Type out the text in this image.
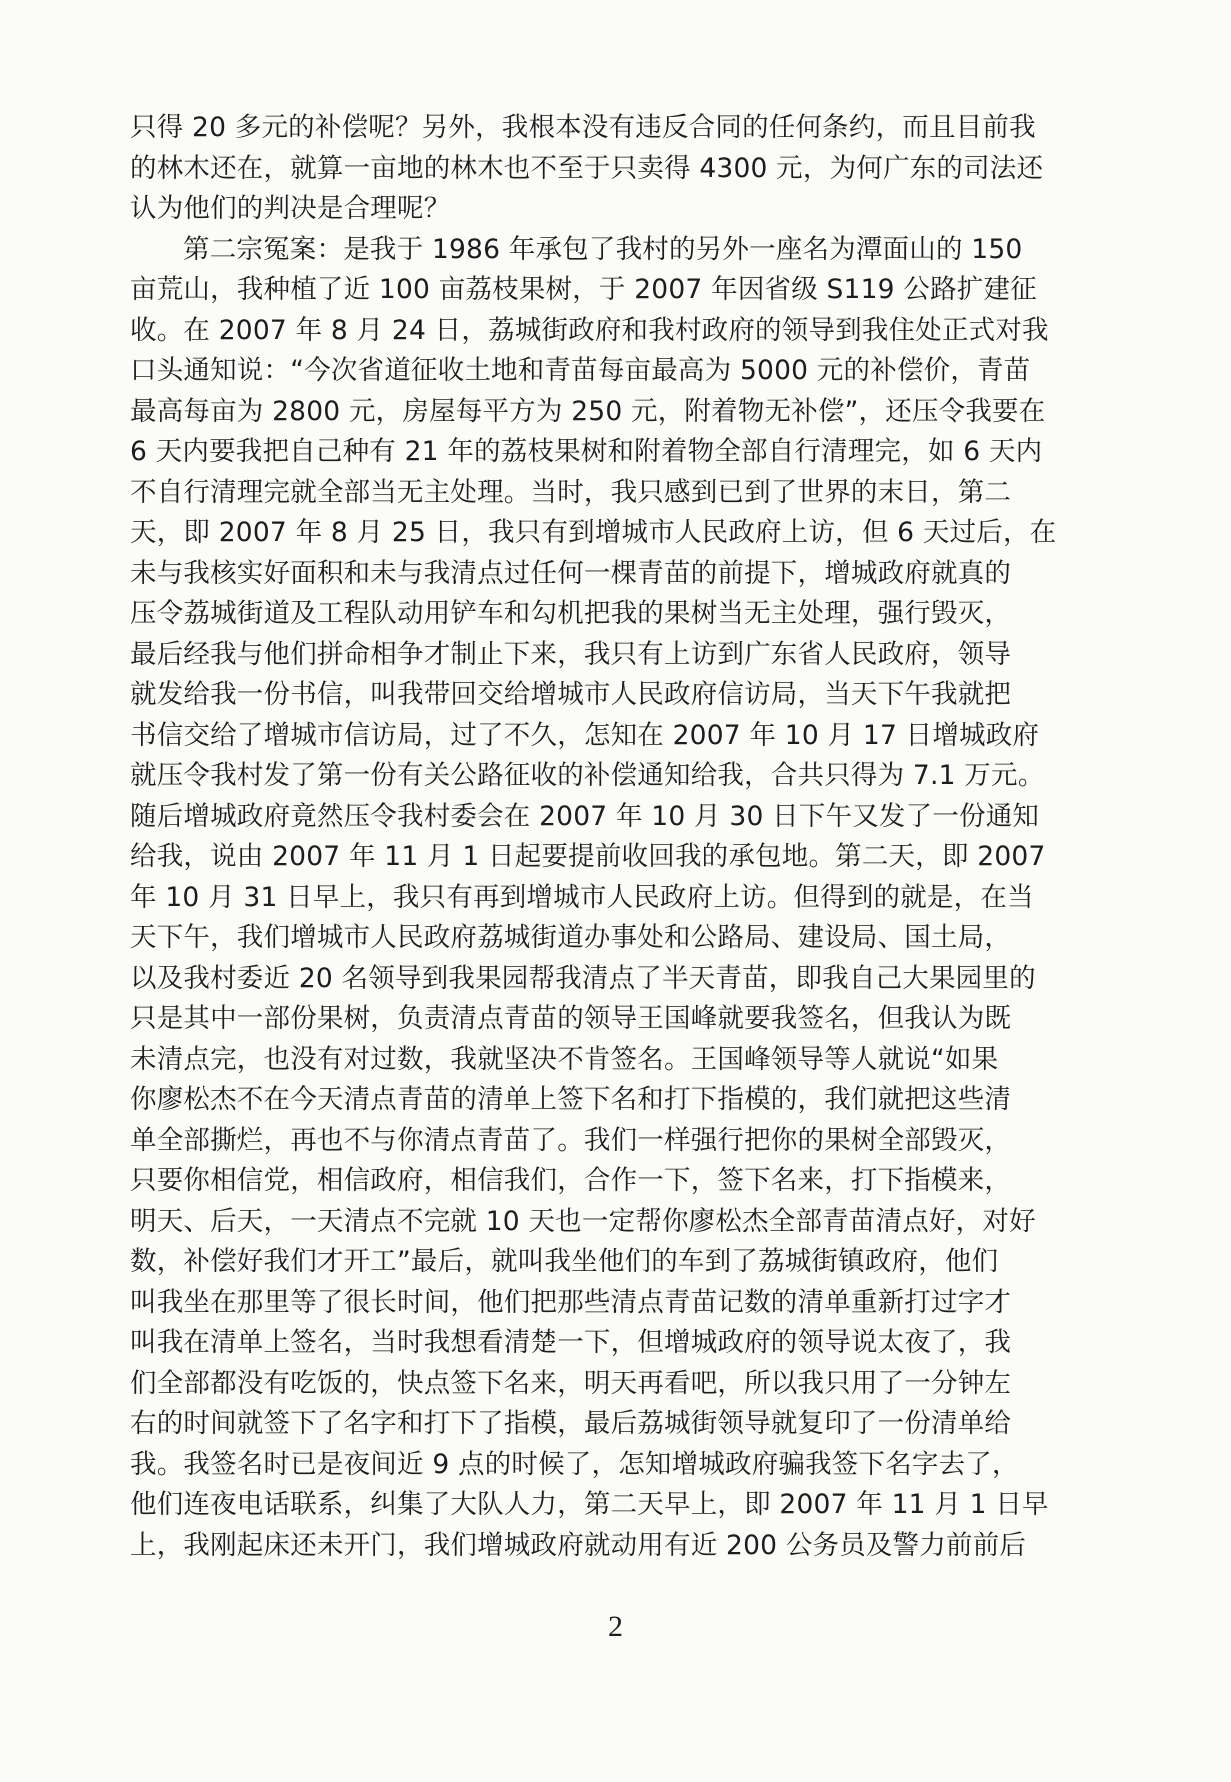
只得 20 多元的补偿呢？另外，我根本没有违反合同的任何条约，而且目前我
的林木还在，就算一亩地的林木也不至于只卖得 4300 元，为何广东的司法还
认为他们的判决是合理呢？
第二宗冤案：是我于 1986 年承包了我村的另外一座名为潭面山的 150
亩荒山，我种植了近 100 亩荔枝果树，于 2007 年因省级 S119 公路扩建征
收。在 2007 年 8 月 24 日，荔城街政府和我村政府的领导到我住处正式对我
口头通知说：“今次省道征收土地和青苗每亩最高为 5000 元的补偿价，青苗
最高每亩为 2800 元，房屋每平方为 250 元，附着物无补偿”，还压令我要在
6 天内要我把自己种有 21 年的荔枝果树和附着物全部自行清理完，如 6 天内
不自行清理完就全部当无主处理。当时，我只感到已到了世界的末日，第二
天，即 2007 年 8 月 25 日，我只有到增城市人民政府上访，但 6 天过后，在
未与我核实好面积和未与我清点过任何一棵青苗的前提下，增城政府就真的
压令荔城街道及工程队动用铲车和勾机把我的果树当无主处理，强行毁灭，
最后经我与他们拼命相争才制止下来，我只有上访到广东省人民政府，领导
就发给我一份书信，叫我带回交给增城市人民政府信访局，当天下午我就把
书信交给了增城市信访局，过了不久，怎知在 2007 年 10 月 17 日增城政府
就压令我村发了第一份有关公路征收的补偿通知给我，合共只得为 7.1 万元。
随后增城政府竟然压令我村委会在 2007 年 10 月 30 日下午又发了一份通知
给我，说由 2007 年 11 月 1 日起要提前收回我的承包地。第二天，即 2007
年 10 月 31 日早上，我只有再到增城市人民政府上访。但得到的就是，在当
天下午，我们增城市人民政府荔城街道办事处和公路局、建设局、国土局，
以及我村委近 20 名领导到我果园帮我清点了半天青苗，即我自己大果园里的
只是其中一部份果树，负责清点青苗的领导王国峰就要我签名，但我认为既
未清点完，也没有对过数，我就坚决不肯签名。王国峰领导等人就说“如果
你廖松杰不在今天清点青苗的清单上签下名和打下指模的，我们就把这些清
单全部撕烂，再也不与你清点青苗了。我们一样强行把你的果树全部毁灭，
只要你相信党，相信政府，相信我们，合作一下，签下名来，打下指模来，
明天、后天，一天清点不完就 10 天也一定帮你廖松杰全部青苗清点好，对好
数，补偿好我们才开工”最后，就叫我坐他们的车到了荔城街镇政府，他们
叫我坐在那里等了很长时间，他们把那些清点青苗记数的清单重新打过字才
叫我在清单上签名，当时我想看清楚一下，但增城政府的领导说太夜了，我
们全部都没有吃饭的，快点签下名来，明天再看吧，所以我只用了一分钟左
右的时间就签下了名字和打下了指模，最后荔城街领导就复印了一份清单给
我。我签名时已是夜间近 9 点的时候了，怎知增城政府骗我签下名字去了，
他们连夜电话联系，纠集了大队人力，第二天早上，即 2007 年 11 月 1 日早
上，我刚起床还未开门，我们增城政府就动用有近 200 公务员及警力前前后
2
